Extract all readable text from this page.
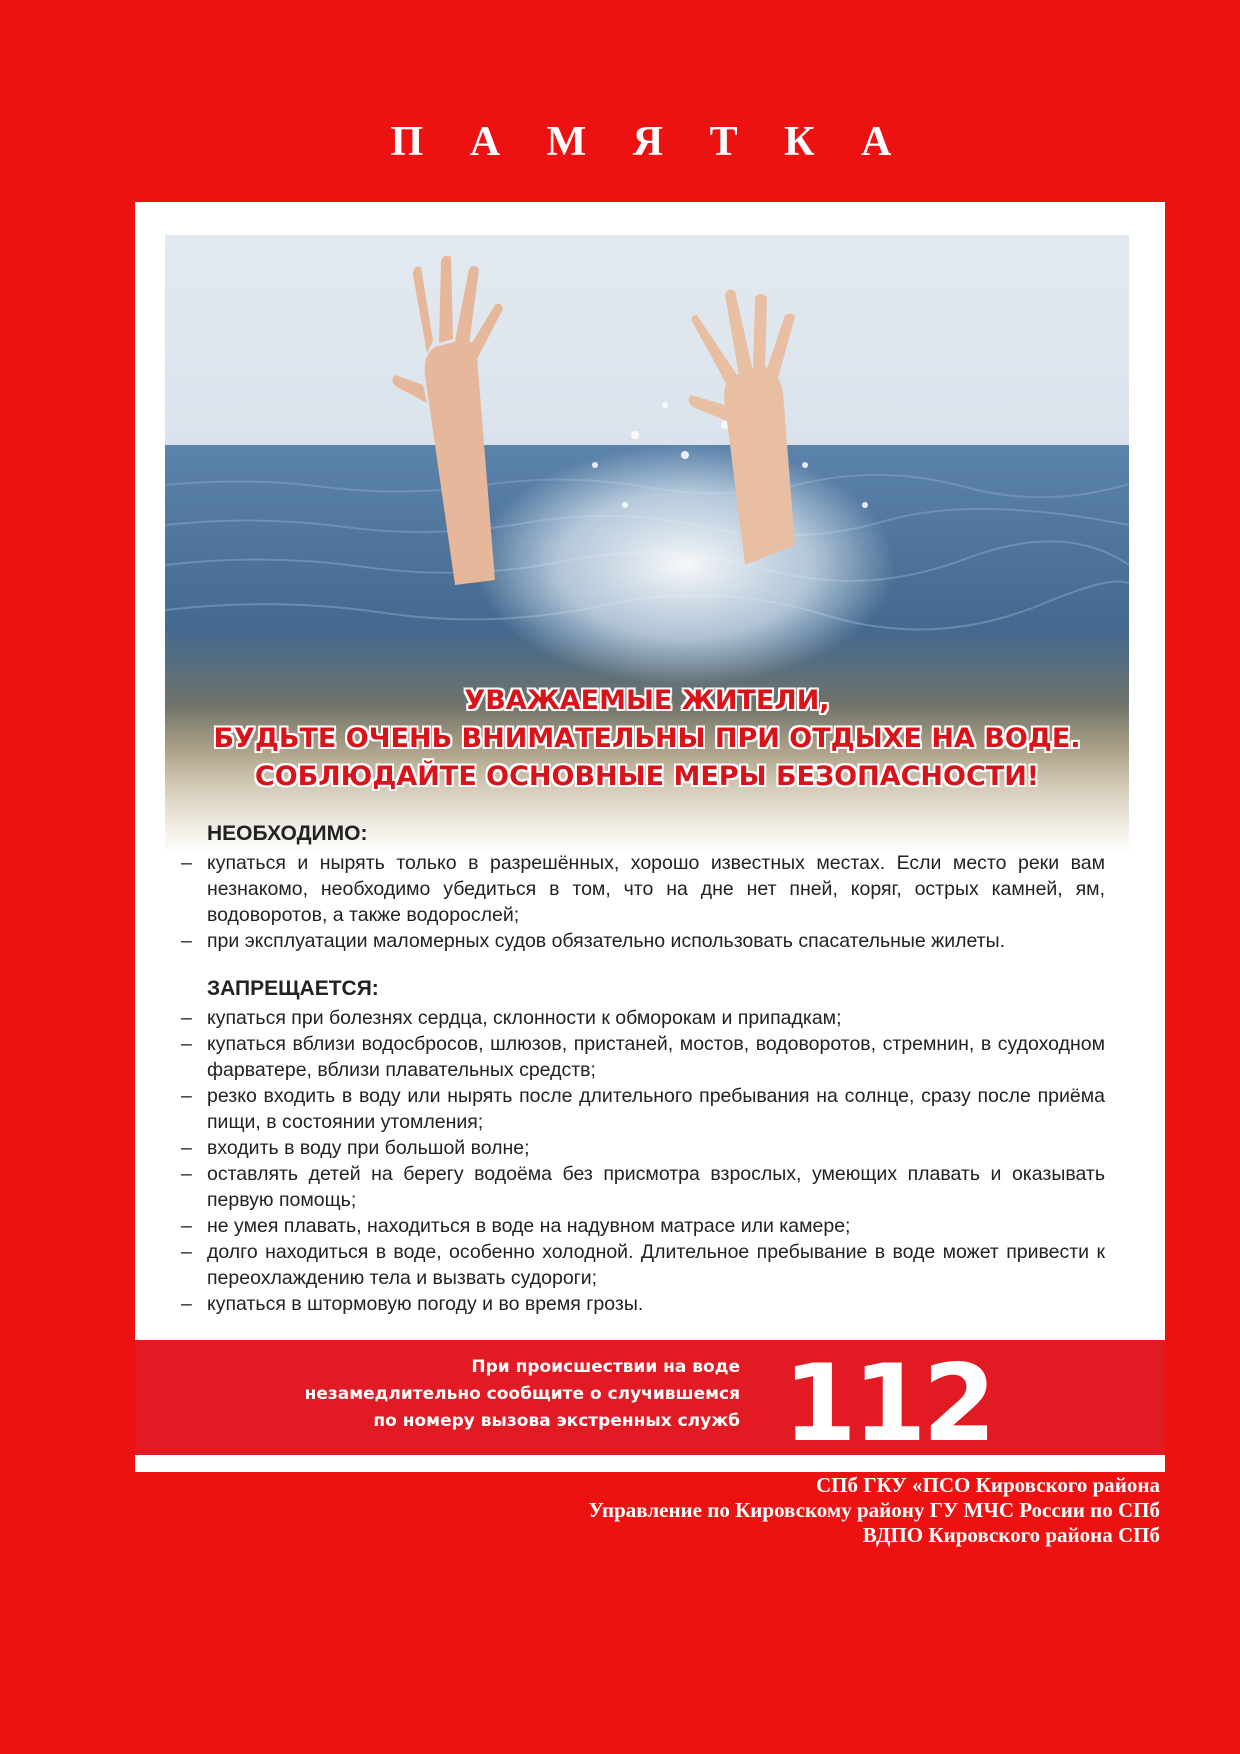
П А М Я Т К А
УВАЖАЕМЫЕ ЖИТЕЛИ,
БУДЬТЕ ОЧЕНЬ ВНИМАТЕЛЬНЫ ПРИ ОТДЫХЕ НА ВОДЕ.
СОБЛЮДАЙТЕ ОСНОВНЫЕ МЕРЫ БЕЗОПАСНОСТИ!
НЕОБХОДИМО:
– купаться и нырять только в разрешённых, хорошо известных местах. Если место реки вам незнакомо, необходимо убедиться в том, что на дне нет пней, коряг, острых камней, ям, водоворотов, а также водорослей;
– при эксплуатации маломерных судов обязательно использовать спасательные жилеты.
ЗАПРЕЩАЕТСЯ:
– купаться при болезнях сердца, склонности к обморокам и припадкам;
– купаться вблизи водосбросов, шлюзов, пристаней, мостов, водоворотов, стремнин, в судоходном фарватере, вблизи плавательных средств;
– резко входить в воду или нырять после длительного пребывания на солнце, сразу после приёма пищи, в состоянии утомления;
– входить в воду при большой волне;
– оставлять детей на берегу водоёма без присмотра взрослых, умеющих плавать и оказывать первую помощь;
– не умея плавать, находиться в воде на надувном матрасе или камере;
– долго находиться в воде, особенно холодной. Длительное пребывание в воде может привести к переохлаждению тела и вызвать судороги;
– купаться в штормовую погоду и во время грозы.
При происшествии на воде
незамедлительно сообщите о случившемся
по номеру вызова экстренных служб 112
СПб ГКУ «ПСО Кировского района
Управление по Кировскому району ГУ МЧС России по СПб
ВДПО Кировского района СПб
